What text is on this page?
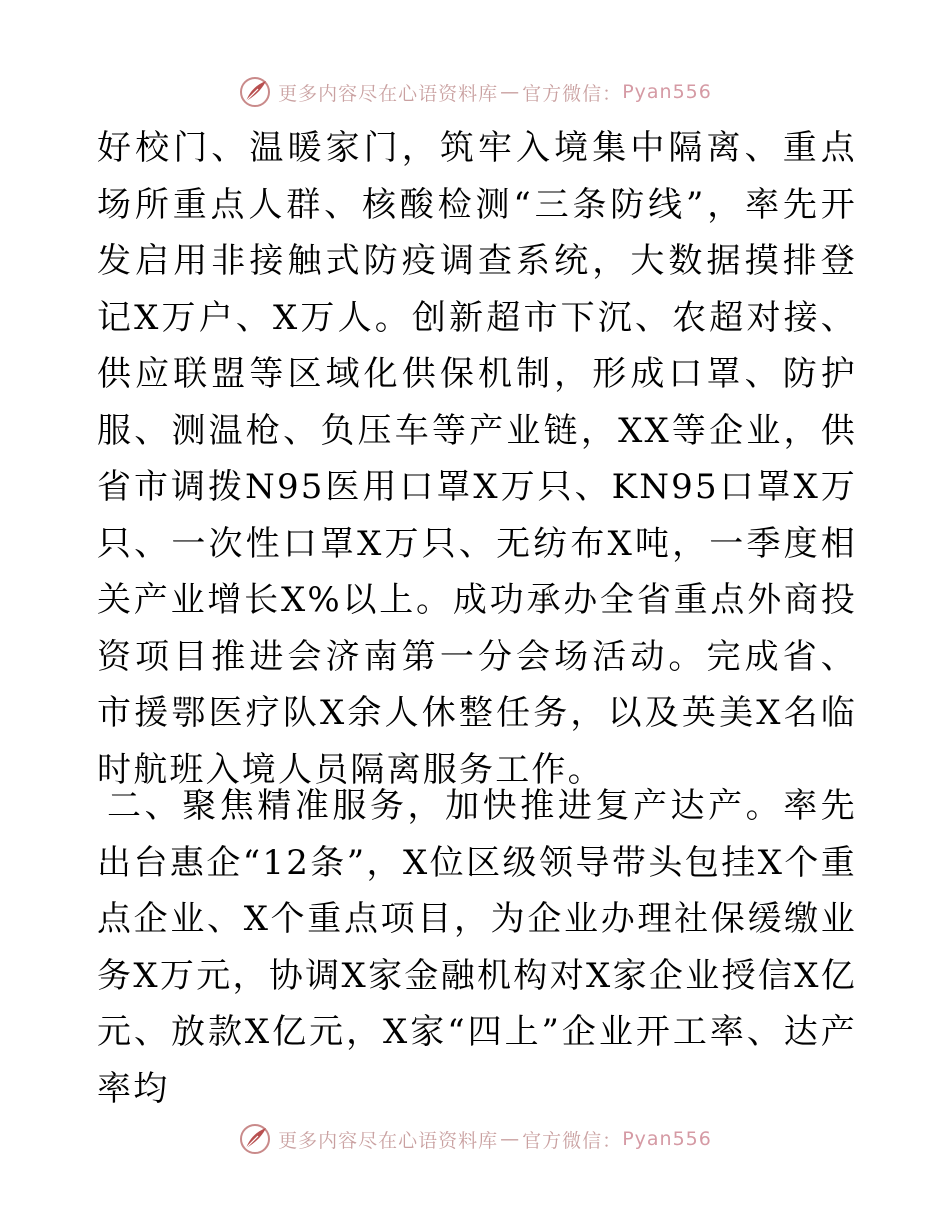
更多内容尽在心语资料库 — 官方微信： Pyan556
好校门、温暖家门，筑牢入境集中隔离、重点场所重点人群、核酸检测“三条防线”，率先开发启用非接触式防疫调查系统，大数据摸排登记X万户、X万人。创新超市下沉、农超对接、供应联盟等区域化供保机制，形成口罩、防护服、测温枪、负压车等产业链，XX等企业，供省市调拨N95医用口罩X万只、KN95口罩X万只、一次性口罩X万只、无纺布X吨，一季度相关产业增长X%以上。成功承办全省重点外商投资项目推进会济南第一分会场活动。完成省、市援鄂医疗队X余人休整任务，以及英美X名临时航班入境人员隔离服务工作。
二、聚焦精准服务，加快推进复产达产。率先出台惠企“12条”，X位区级领导带头包挂X个重点企业、X个重点项目，为企业办理社保缓缴业务X万元，协调X家金融机构对X家企业授信X亿元、放款X亿元，X家“四上”企业开工率、达产率均
更多内容尽在心语资料库 — 官方微信： Pyan556
